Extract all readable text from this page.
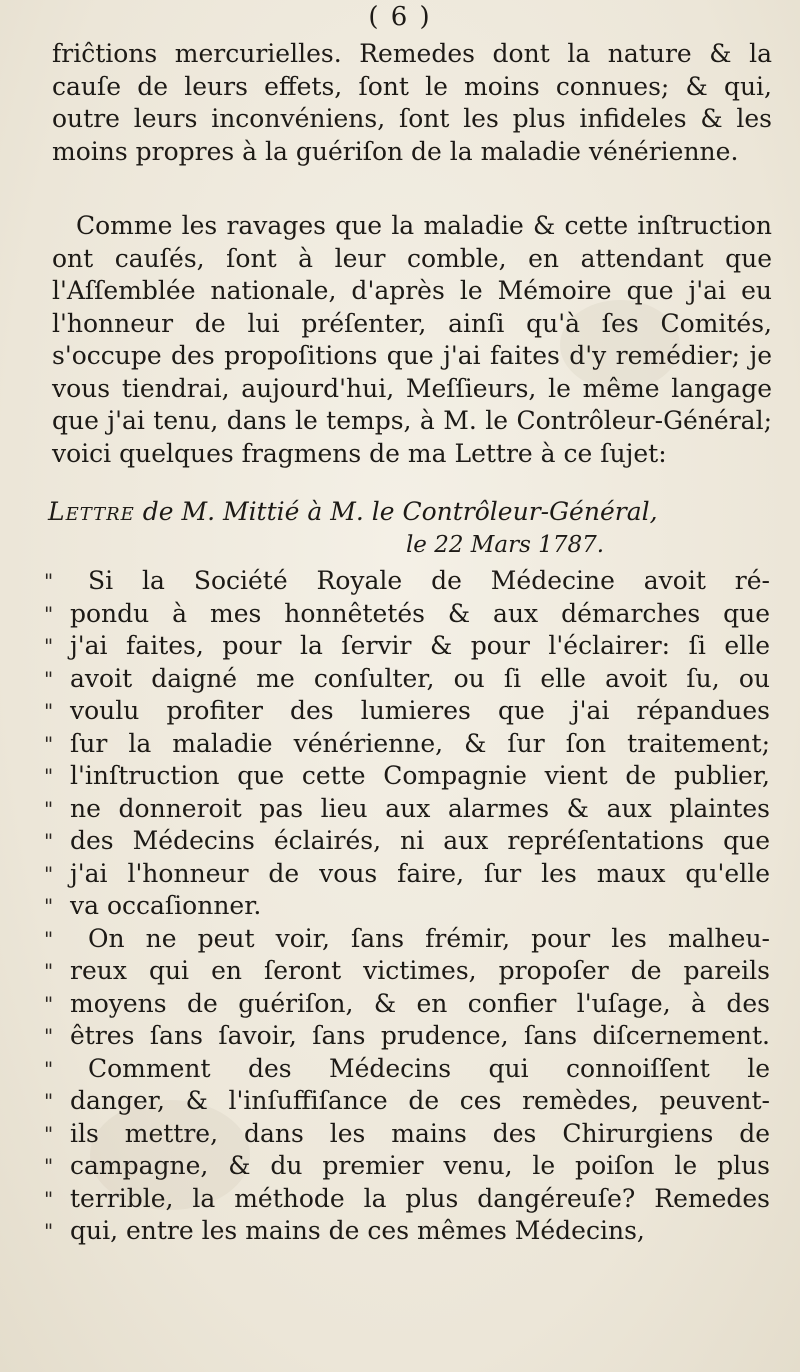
( 6 )
friĉtions mercurielles. Remedes dont la nature & la cauſe de leurs effets, ſont le moins connues; & qui, outre leurs inconvéniens, ſont les plus infideles & les moins propres à la guériſon de la maladie vénérienne.
Comme les ravages que la maladie & cette inſtruction ont cauſés, ſont à leur comble, en attendant que l'Aſſemblée nationale, d'après le Mémoire que j'ai eu l'honneur de lui préſenter, ainſi qu'à ſes Comités, s'occupe des propoſitions que j'ai faites d'y remédier; je vous tiendrai, aujourd'hui, Meſſieurs, le même langage que j'ai tenu, dans le temps, à M. le Contrôleur-Général; voici quelques fragmens de ma Lettre à ce ſujet:
Lettre de M. Mittié à M. le Contrôleur-Général,
le 22 Mars 1787.
"	Si la Société Royale de Médecine avoit ré-
" pondu à mes honnêtetés & aux démarches que
" j'ai faites, pour la ſervir & pour l'éclairer: ſi elle
" avoit daigné me conſulter, ou ſi elle avoit ſu, ou
" voulu profiter des lumieres que j'ai répandues
" ſur la maladie vénérienne, & ſur ſon traitement;
" l'inſtruction que cette Compagnie vient de publier,
" ne donneroit pas lieu aux alarmes & aux plaintes
" des Médecins éclairés, ni aux repréſentations que
" j'ai l'honneur de vous faire, ſur les maux qu'elle
" va occaſionner.
"	On ne peut voir, ſans frémir, pour les malheu-
" reux qui en ſeront victimes, propoſer de pareils
" moyens de guériſon, & en confier l'uſage, à des
" êtres ſans ſavoir, ſans prudence, ſans diſcernement.
"	Comment des Médecins qui connoiſſent le
" danger, & l'inſuffiſance de ces remèdes, peuvent-
" ils mettre, dans les mains des Chirurgiens de
" campagne, & du premier venu, le poiſon le plus
" terrible, la méthode la plus dangéreuſe? Remedes
" qui, entre les mains de ces mêmes Médecins,
